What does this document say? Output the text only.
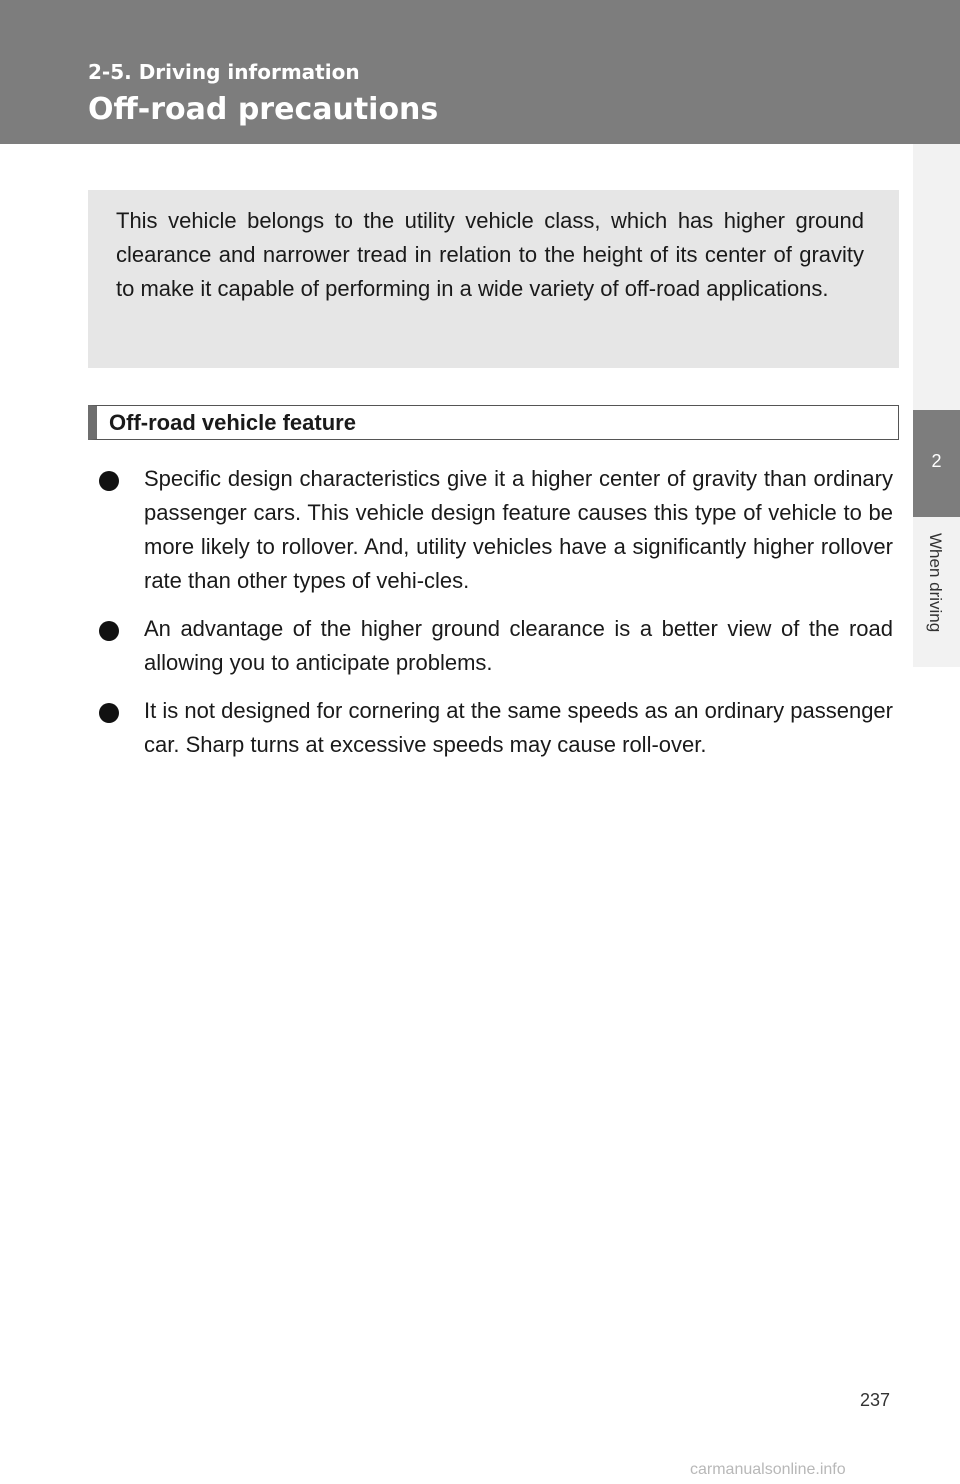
2-5. Driving information
Off-road precautions
2
When driving

This vehicle belongs to the utility vehicle class, which has higher ground clearance and narrower tread in relation to the height of its center of gravity to make it capable of performing in a wide variety of off-road applications.

Off-road vehicle feature
Specific design characteristics give it a higher center of gravity than ordinary passenger cars. This vehicle design feature causes this type of vehicle to be more likely to rollover. And, utility vehicles have a significantly higher rollover rate than other types of vehi-cles.
An advantage of the higher ground clearance is a better view of the road allowing you to anticipate problems.
It is not designed for cornering at the same speeds as an ordinary passenger car. Sharp turns at excessive speeds may cause roll-over.
237
carmanualsonline.info
